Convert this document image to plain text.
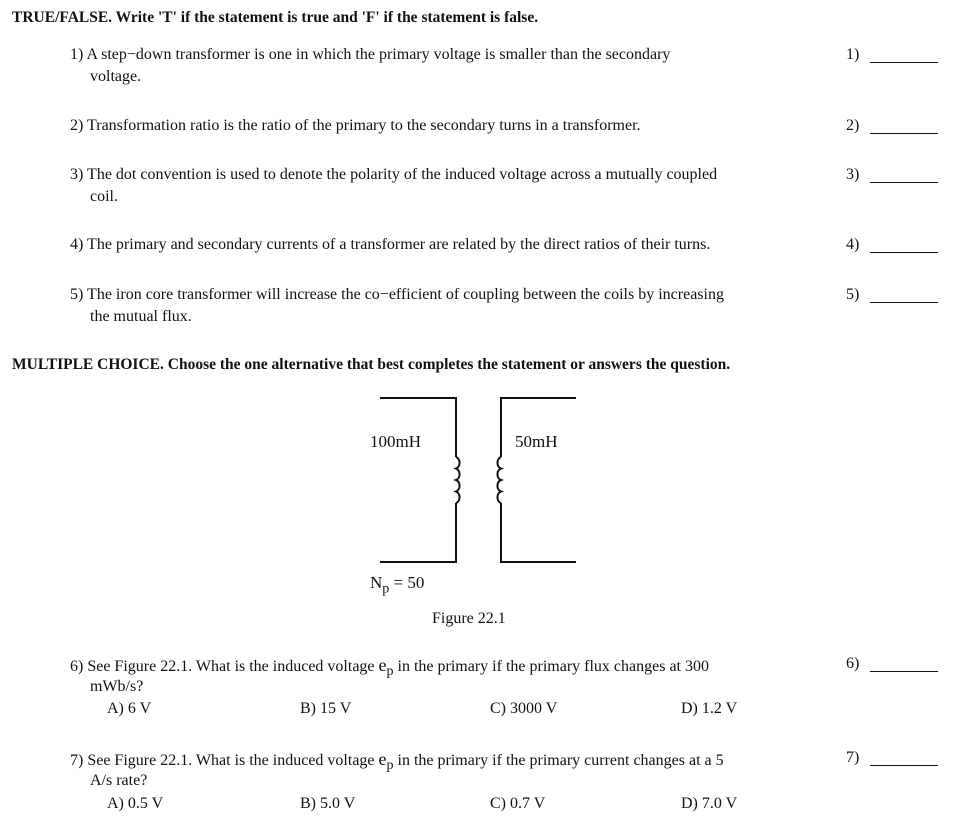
TRUE/FALSE. Write 'T' if the statement is true and 'F' if the statement is false.
1) A step−down transformer is one in which the primary voltage is smaller than the secondary
voltage.
1)
2) Transformation ratio is the ratio of the primary to the secondary turns in a transformer.	2)
3) The dot convention is used to denote the polarity of the induced voltage across a mutually coupled
coil.
3)
4) The primary and secondary currents of a transformer are related by the direct ratios of their turns.	4)
5) The iron core transformer will increase the co−efficient of coupling between the coils by increasing
the mutual flux.
5)
MULTIPLE CHOICE. Choose the one alternative that best completes the statement or answers the question.
100mH	50mH
$N_p = 50$
Figure 22.1
6) See Figure 22.1. What is the induced voltage $e_p$ in the primary if the primary flux changes at 300
mWb/s?
6)
A) 6 V	B) 15 V	C) 3000 V	D) 1.2 V
7) See Figure 22.1. What is the induced voltage $e_p$ in the primary if the primary current changes at a 5
A/s rate?
7)
A) 0.5 V	B) 5.0 V	C) 0.7 V	D) 7.0 V
